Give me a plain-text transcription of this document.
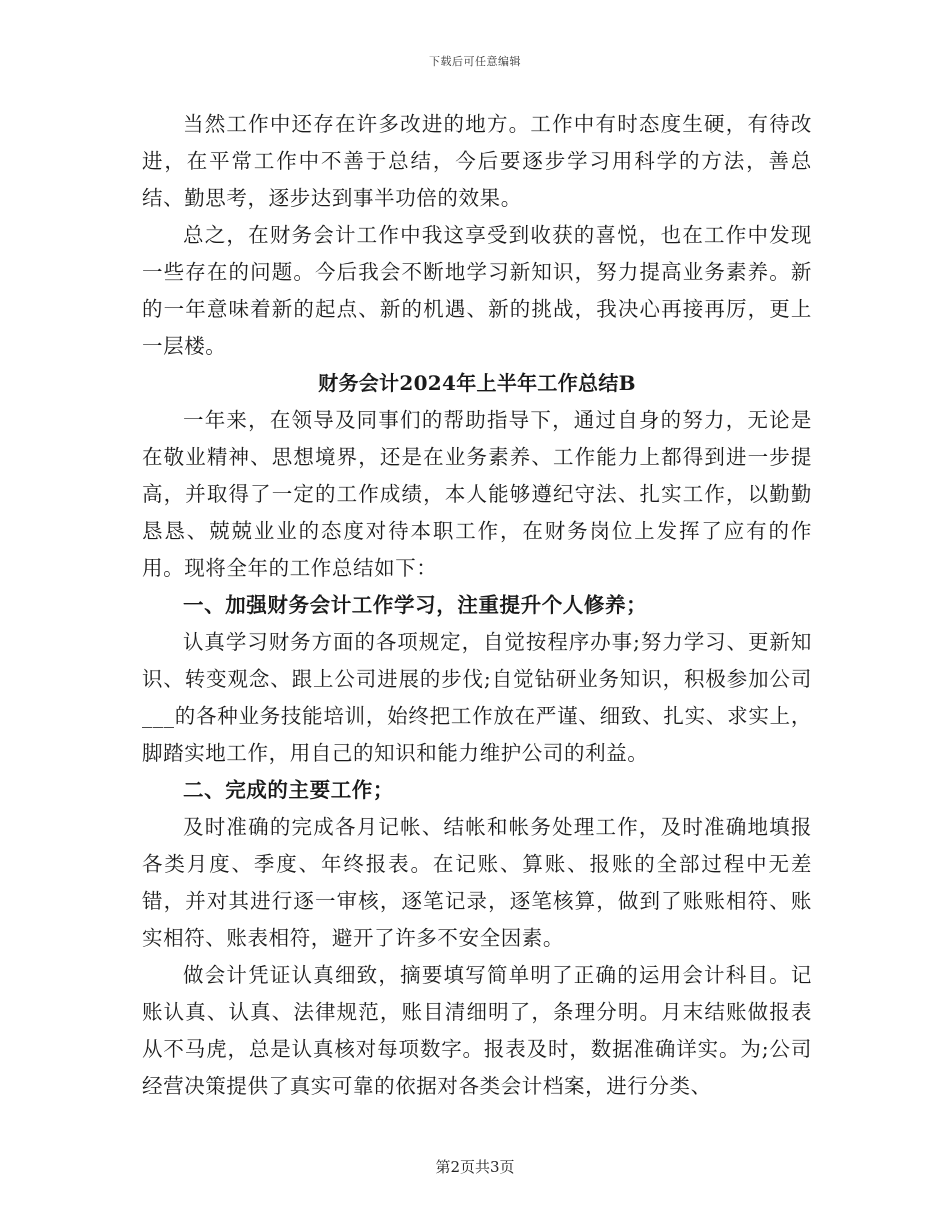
下载后可任意编辑

当然工作中还存在许多改进的地方。工作中有时态度生硬，有待改进，在平常工作中不善于总结，今后要逐步学习用科学的方法，善总结、勤思考，逐步达到事半功倍的效果。

总之，在财务会计工作中我这享受到收获的喜悦，也在工作中发现一些存在的问题。今后我会不断地学习新知识，努力提高业务素养。新的一年意味着新的起点、新的机遇、新的挑战，我决心再接再厉，更上一层楼。

财务会计2024年上半年工作总结B

一年来，在领导及同事们的帮助指导下，通过自身的努力，无论是在敬业精神、思想境界，还是在业务素养、工作能力上都得到进一步提高，并取得了一定的工作成绩，本人能够遵纪守法、扎实工作，以勤勤恳恳、兢兢业业的态度对待本职工作，在财务岗位上发挥了应有的作用。现将全年的工作总结如下：

一、加强财务会计工作学习，注重提升个人修养；

认真学习财务方面的各项规定，自觉按程序办事;努力学习、更新知识、转变观念、跟上公司进展的步伐;自觉钻研业务知识，积极参加公司___的各种业务技能培训，始终把工作放在严谨、细致、扎实、求实上，脚踏实地工作，用自己的知识和能力维护公司的利益。

二、完成的主要工作；

及时准确的完成各月记帐、结帐和帐务处理工作，及时准确地填报各类月度、季度、年终报表。在记账、算账、报账的全部过程中无差错，并对其进行逐一审核，逐笔记录，逐笔核算，做到了账账相符、账实相符、账表相符，避开了许多不安全因素。

做会计凭证认真细致，摘要填写简单明了正确的运用会计科目。记账认真、认真、法律规范，账目清细明了，条理分明。月末结账做报表从不马虎，总是认真核对每项数字。报表及时，数据准确详实。为;公司经营决策提供了真实可靠的依据对各类会计档案，进行分类、

第2页共3页
